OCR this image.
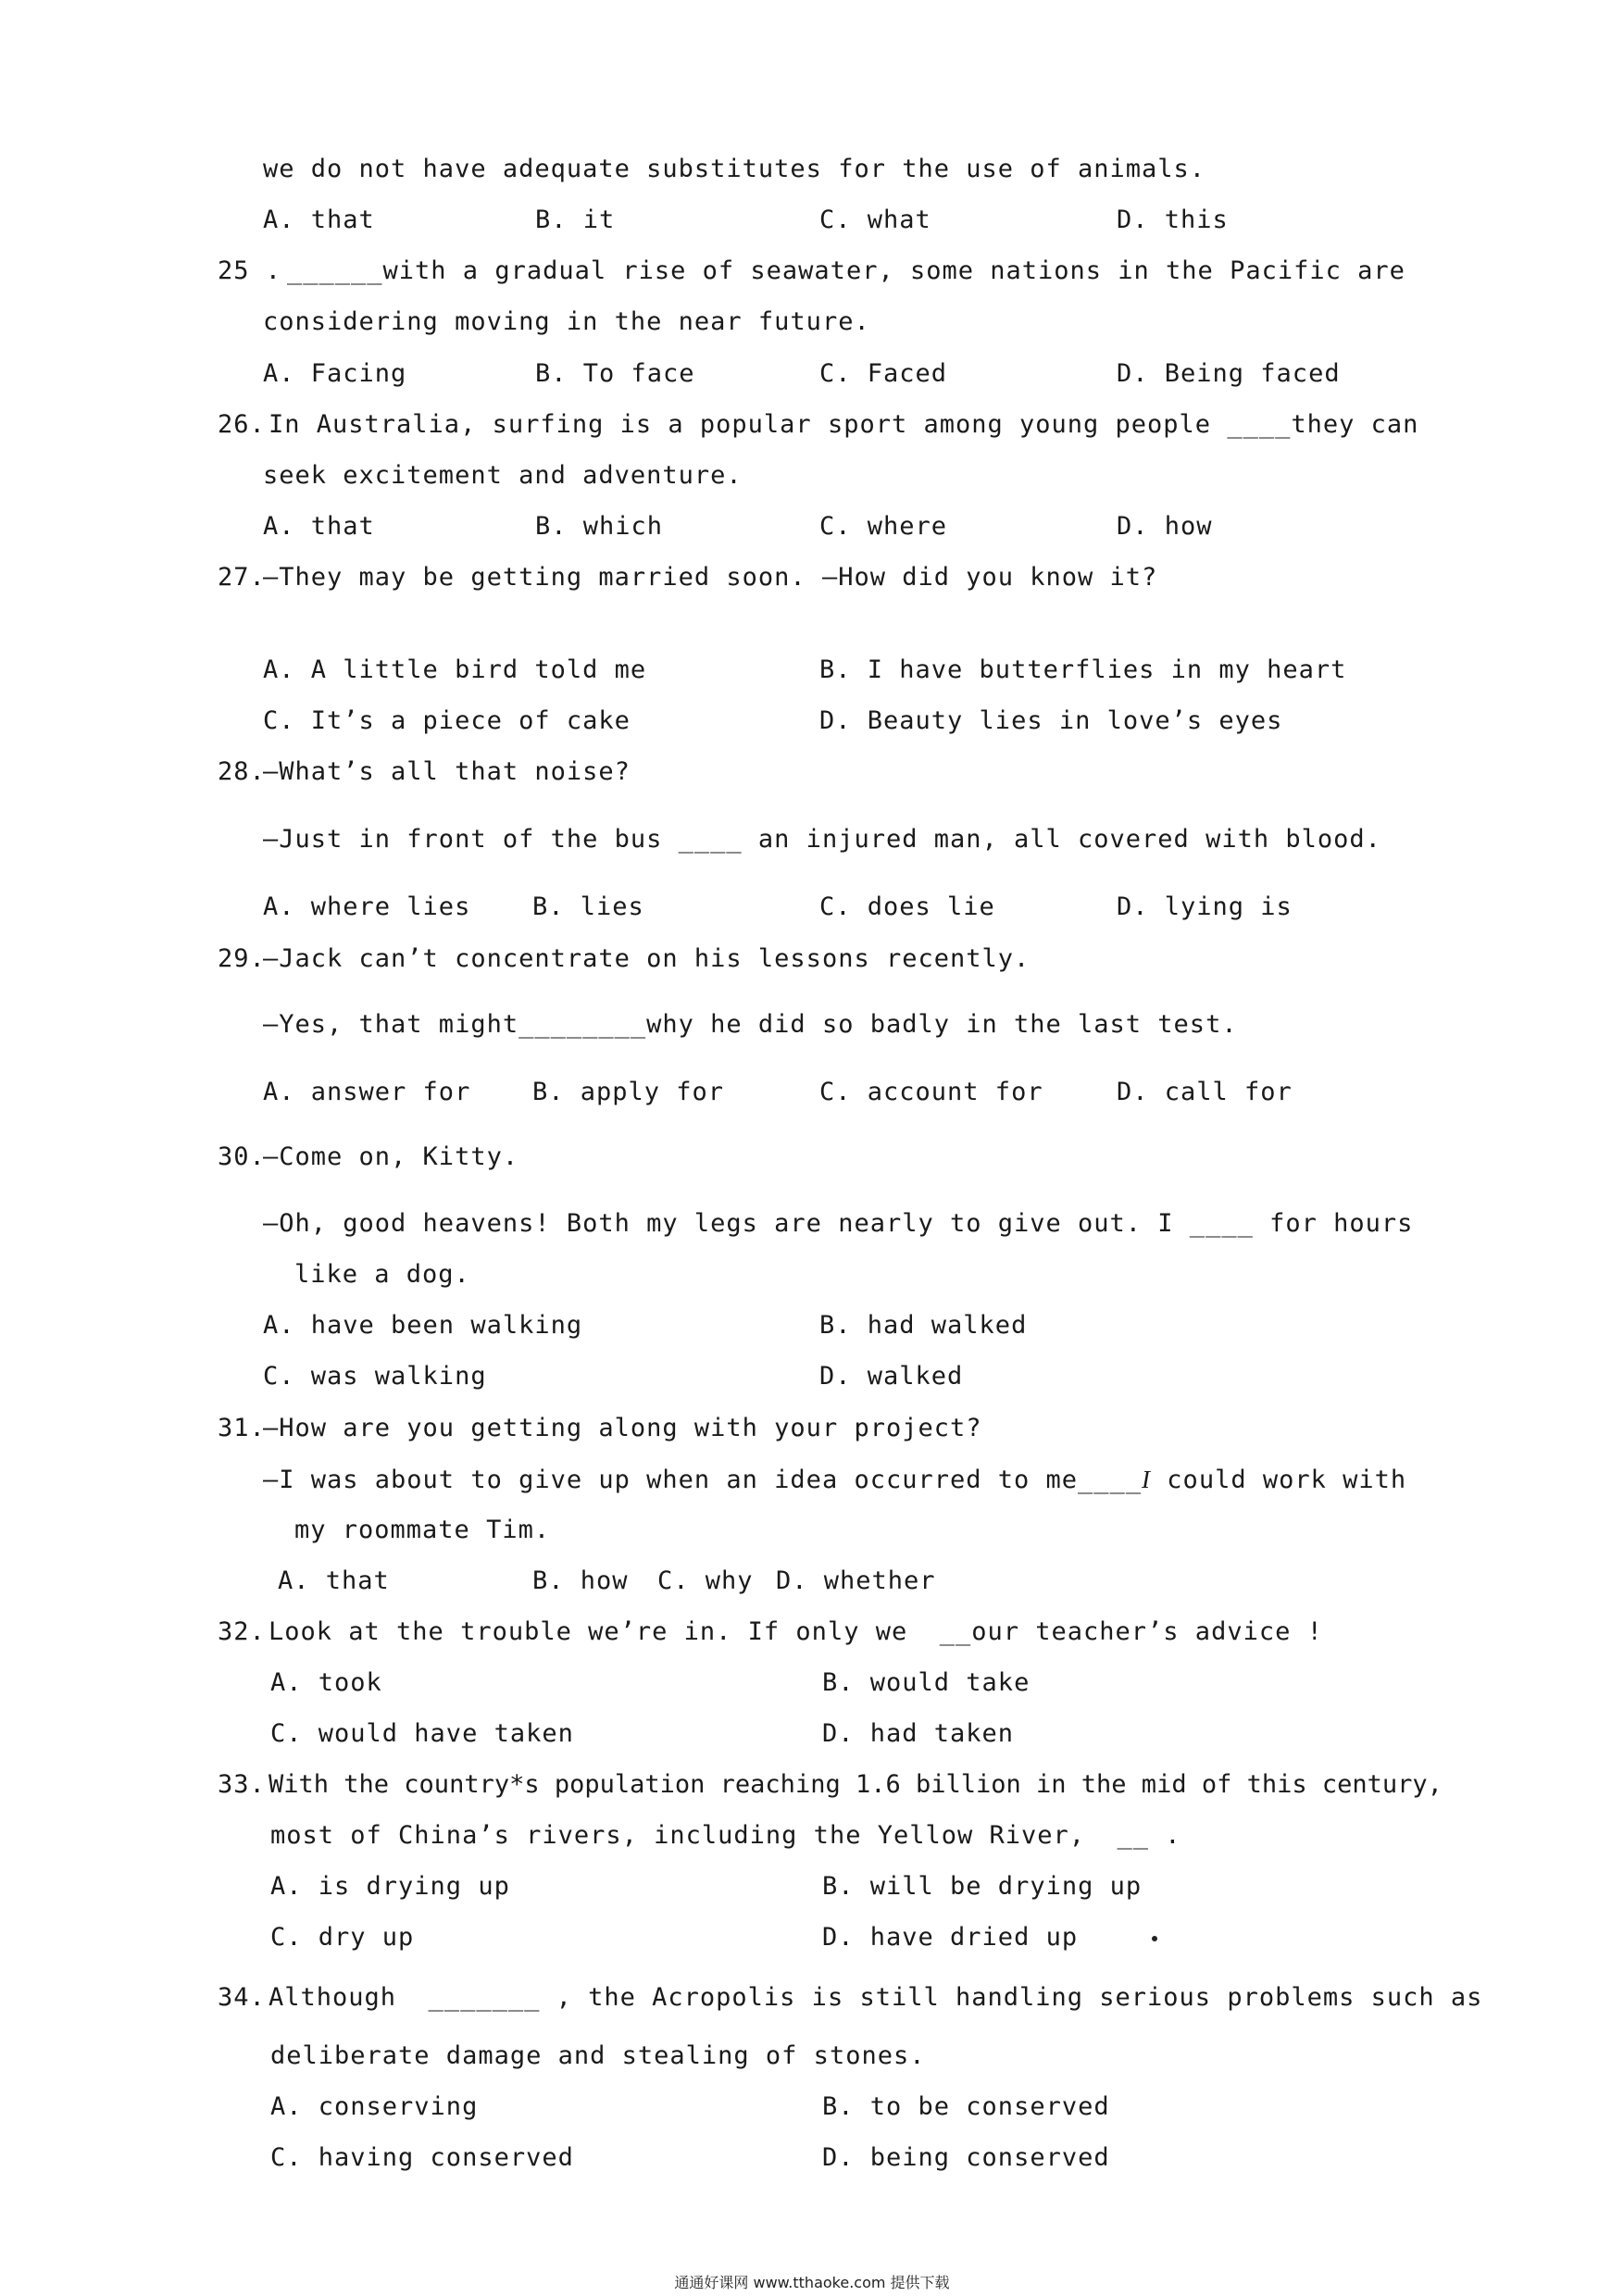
we do not have adequate substitutes for the use of animals.
A. that	B. it	C. what	D. this
25 . ______with a gradual rise of seawater, some nations in the Pacific are
considering moving in the near future.
A. Facing	B. To face	C. Faced	D. Being faced
26. In Australia, surfing is a popular sport among young people ____they can
seek excitement and adventure.
A. that	B. which	C. where	D. how
27.
—They may be getting married soon. —How did you know it?
A. A little bird told me	B. I have butterflies in my heart
C. It’s a piece of cake	D. Beauty lies in love’s eyes
28.
—What’s all that noise?
—Just in front of the bus ____ an injured man, all covered with blood.
A. where lies B. lies	C. does lie	D. lying is
29.
—Jack can’t concentrate on his lessons recently.
—Yes, that might________why he did so badly in the last test.
A. answer for B. apply for	C. account for	D. call for
30.
—Come on, Kitty.
—Oh, good heavens! Both my legs are nearly to give out. I ____ for hours
like a dog.
A. have been walking	B. had walked
C. was walking	D. walked
31.
—How are you getting along with your project?
—I was about to give up when an idea occurred to me____I could work with
my roommate Tim.
A. that	B. how C. why D. whether
32. Look at the trouble we’re in. If only we  __our teacher’s advice !
A. took	B. would take
C. would have taken	D. had taken
33. With the country*s population reaching 1.6 billion in the mid of this century,
most of China’s rivers, including the Yellow River,  __ .
A. is drying up	B. will be drying up
C. dry up	D. have dried up
34. Although  _______ , the Acropolis is still handling serious problems such as
deliberate damage and stealing of stones.
A. conserving	B. to be conserved
C. having conserved	D. being conserved
通通好课网 www.tthaoke.com 提供下载
